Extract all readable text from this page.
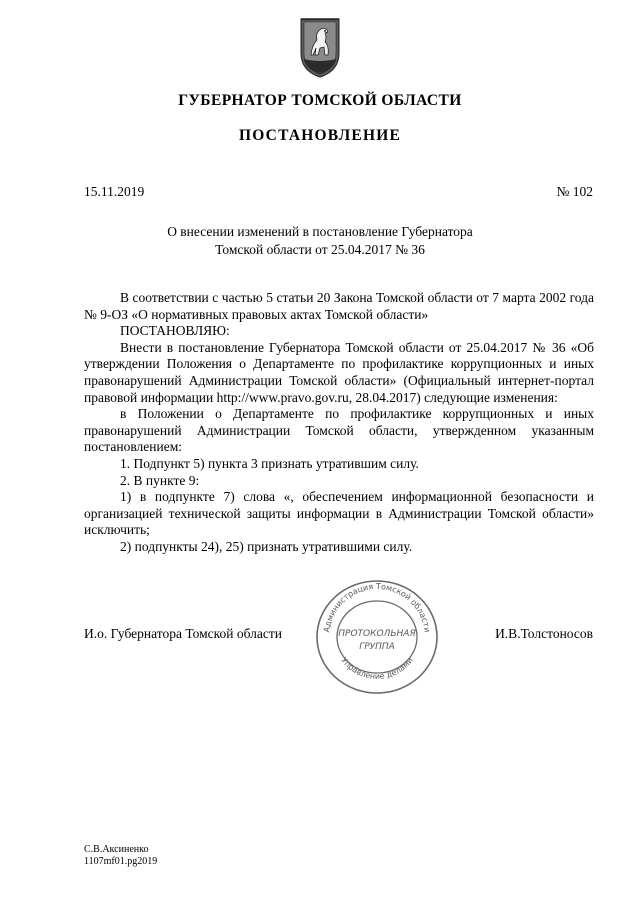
ГУБЕРНАТОР ТОМСКОЙ ОБЛАСТИ
ПОСТАНОВЛЕНИЕ
15.11.2019	№ 102
О внесении изменений в постановление Губернатора
Томской области от 25.04.2017 № 36

В соответствии с частью 5 статьи 20 Закона Томской области от 7 марта 2002 года № 9-ОЗ «О нормативных правовых актах Томской области»

ПОСТАНОВЛЯЮ:

Внести в постановление Губернатора Томской области от 25.04.2017 № 36 «Об утверждении Положения о Департаменте по профилактике коррупционных и иных правонарушений Администрации Томской области» (Официальный интернет-портал правовой информации http://www.pravo.gov.ru, 28.04.2017) следующие изменения:

в Положении о Департаменте по профилактике коррупционных и иных правонарушений Администрации Томской области, утвержденном указанным постановлением:

1. Подпункт 5) пункта 3 признать утратившим силу.

2. В пункте 9:

1) в подпункте 7) слова «, обеспечением информационной безопасности и организацией технической защиты информации в Администрации Томской области» исключить;

2) подпункты 24), 25) признать утратившими силу.

И.о. Губернатора Томской области	И.В.Толстоносов
Администрация Томской области
Управление делами
ПРОТОКОЛЬНАЯ
ГРУППА
С.В.Аксиненко
1107mf01.pg2019
